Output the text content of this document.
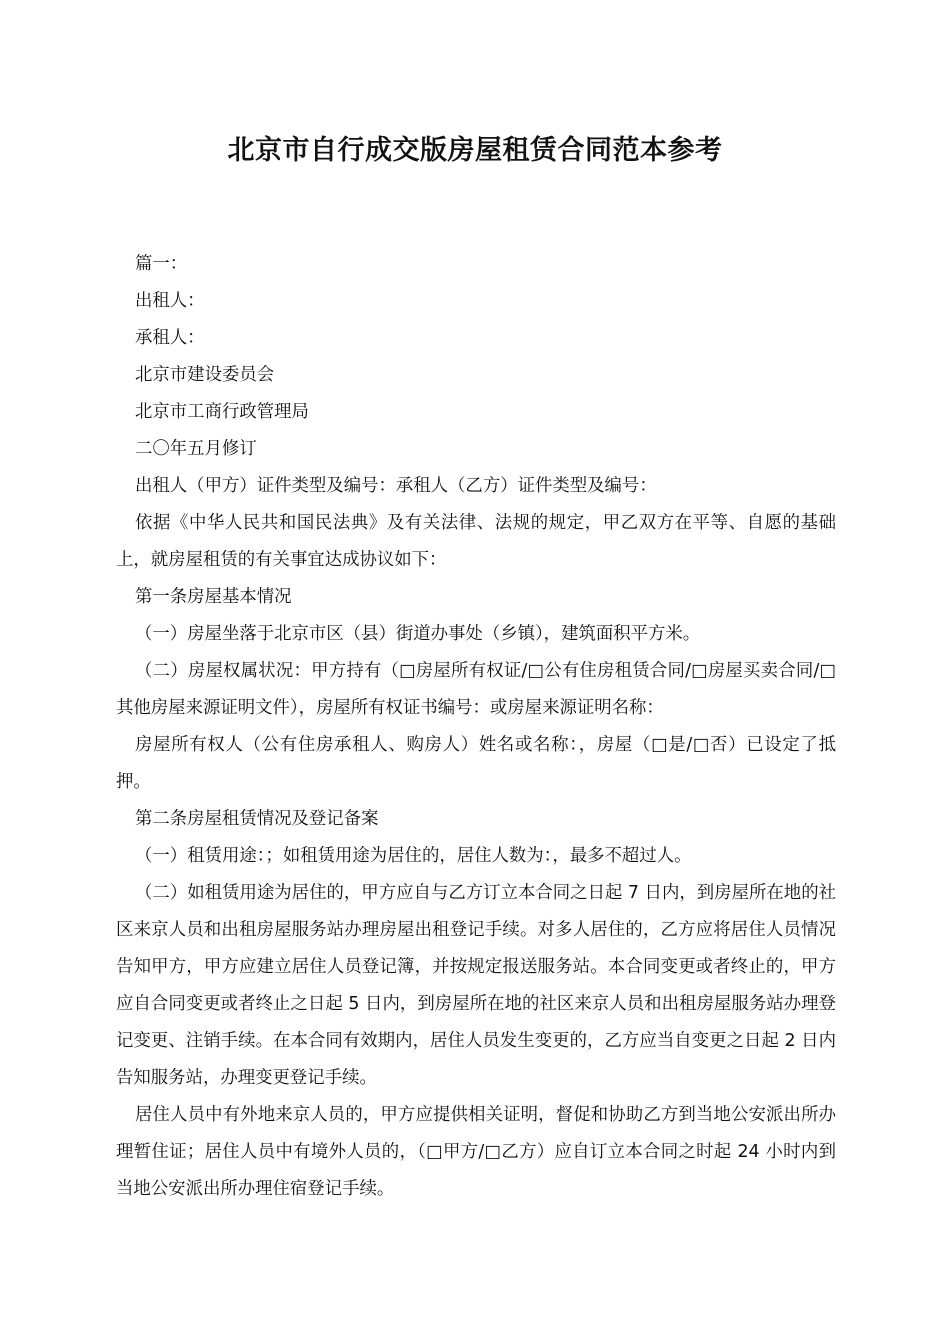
北京市自行成交版房屋租赁合同范本参考

篇一：

出租人：

承租人：

北京市建设委员会

北京市工商行政管理局

二〇年五月修订

出租人（甲方）证件类型及编号：承租人（乙方）证件类型及编号：

依据《中华人民共和国民法典》及有关法律、法规的规定，甲乙双方在平等、自愿的基础上，就房屋租赁的有关事宜达成协议如下：

第一条房屋基本情况

（一）房屋坐落于北京市区（县）街道办事处（乡镇），建筑面积平方米。

（二）房屋权属状况：甲方持有（□房屋所有权证/□公有住房租赁合同/□房屋买卖合同/□其他房屋来源证明文件），房屋所有权证书编号：或房屋来源证明名称：

房屋所有权人（公有住房承租人、购房人）姓名或名称：，房屋（□是/□否）已设定了抵押。

第二条房屋租赁情况及登记备案

（一）租赁用途：；如租赁用途为居住的，居住人数为：，最多不超过人。

（二）如租赁用途为居住的，甲方应自与乙方订立本合同之日起 7 日内，到房屋所在地的社区来京人员和出租房屋服务站办理房屋出租登记手续。对多人居住的，乙方应将居住人员情况告知甲方，甲方应建立居住人员登记簿，并按规定报送服务站。本合同变更或者终止的，甲方应自合同变更或者终止之日起 5 日内，到房屋所在地的社区来京人员和出租房屋服务站办理登记变更、注销手续。在本合同有效期内，居住人员发生变更的，乙方应当自变更之日起 2 日内告知服务站，办理变更登记手续。

居住人员中有外地来京人员的，甲方应提供相关证明，督促和协助乙方到当地公安派出所办理暂住证；居住人员中有境外人员的，（□甲方/□乙方）应自订立本合同之时起 24 小时内到当地公安派出所办理住宿登记手续。
